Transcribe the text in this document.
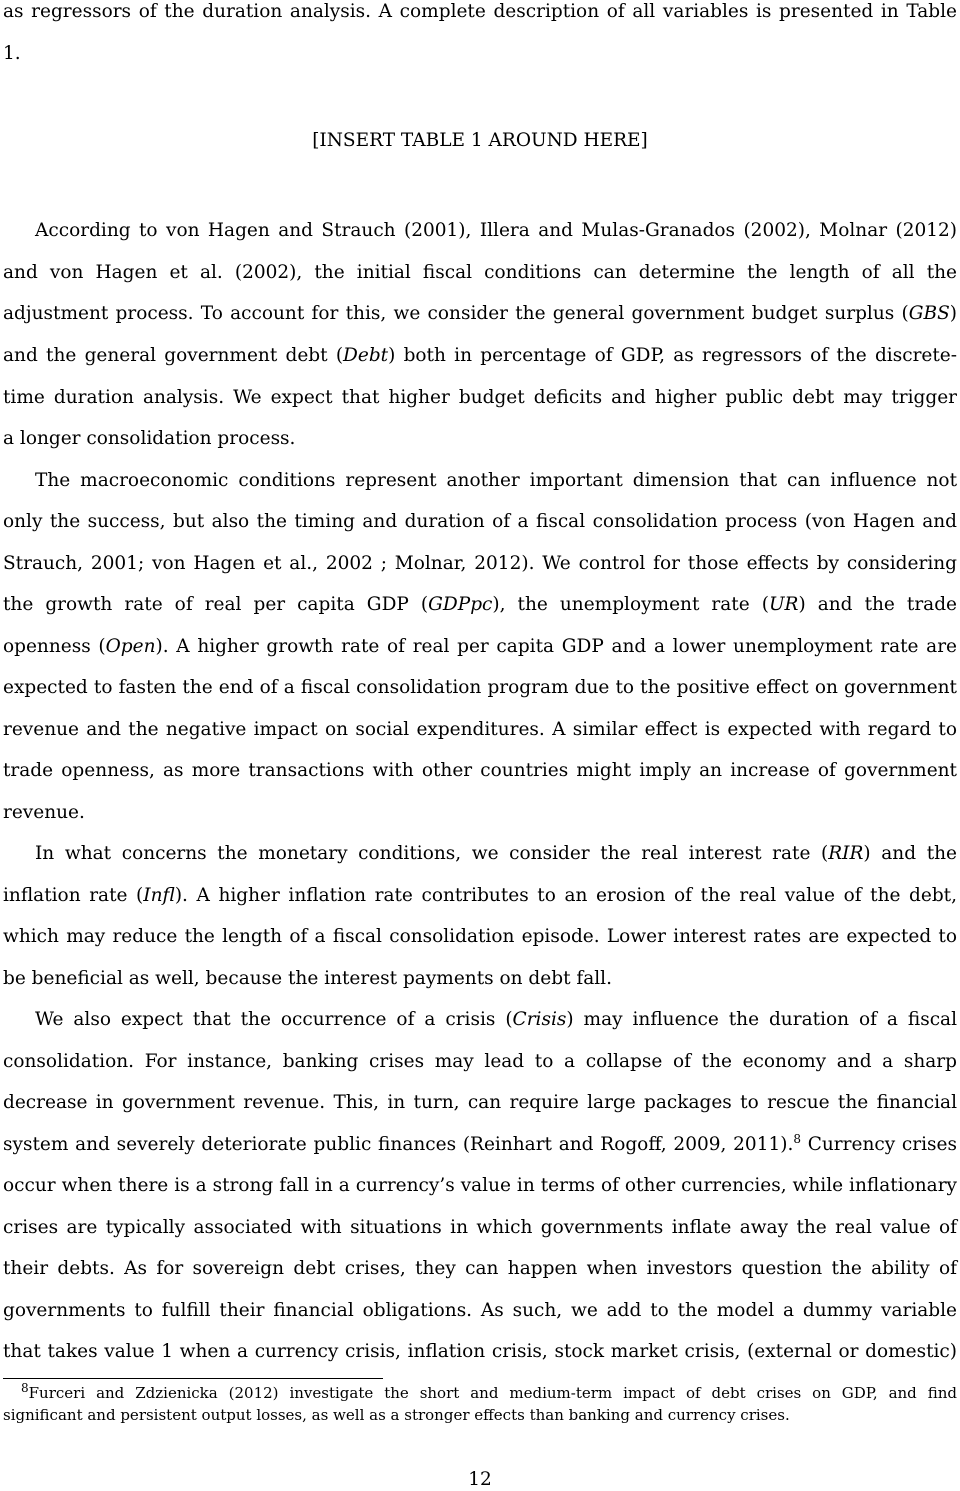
as regressors of the duration analysis. A complete description of all variables is presented in Table

1.

[INSERT TABLE 1 AROUND HERE]

According to von Hagen and Strauch (2001), Illera and Mulas-Granados (2002), Molnar (2012)

and von Hagen et al. (2002), the initial fiscal conditions can determine the length of all the

adjustment process. To account for this, we consider the general government budget surplus (GBS)

and the general government debt (Debt) both in percentage of GDP, as regressors of the discrete-

time duration analysis. We expect that higher budget deficits and higher public debt may trigger

a longer consolidation process.

The macroeconomic conditions represent another important dimension that can influence not

only the success, but also the timing and duration of a fiscal consolidation process (von Hagen and

Strauch, 2001; von Hagen et al., 2002 ; Molnar, 2012). We control for those effects by considering

the growth rate of real per capita GDP (GDPpc), the unemployment rate (UR) and the trade

openness (Open). A higher growth rate of real per capita GDP and a lower unemployment rate are

expected to fasten the end of a fiscal consolidation program due to the positive effect on government

revenue and the negative impact on social expenditures. A similar effect is expected with regard to

trade openness, as more transactions with other countries might imply an increase of government

revenue.

In what concerns the monetary conditions, we consider the real interest rate (RIR) and the

inflation rate (Infl). A higher inflation rate contributes to an erosion of the real value of the debt,

which may reduce the length of a fiscal consolidation episode. Lower interest rates are expected to

be beneficial as well, because the interest payments on debt fall.

We also expect that the occurrence of a crisis (Crisis) may influence the duration of a fiscal

consolidation. For instance, banking crises may lead to a collapse of the economy and a sharp

decrease in government revenue. This, in turn, can require large packages to rescue the financial

system and severely deteriorate public finances (Reinhart and Rogoff, 2009, 2011).$^8$ Currency crises

occur when there is a strong fall in a currency’s value in terms of other currencies, while inflationary

crises are typically associated with situations in which governments inflate away the real value of

their debts. As for sovereign debt crises, they can happen when investors question the ability of

governments to fulfill their financial obligations. As such, we add to the model a dummy variable

that takes value 1 when a currency crisis, inflation crisis, stock market crisis, (external or domestic)

$^8$Furceri and Zdzienicka (2012) investigate the short and medium-term impact of debt crises on GDP, and find

significant and persistent output losses, as well as a stronger effects than banking and currency crises.

12
